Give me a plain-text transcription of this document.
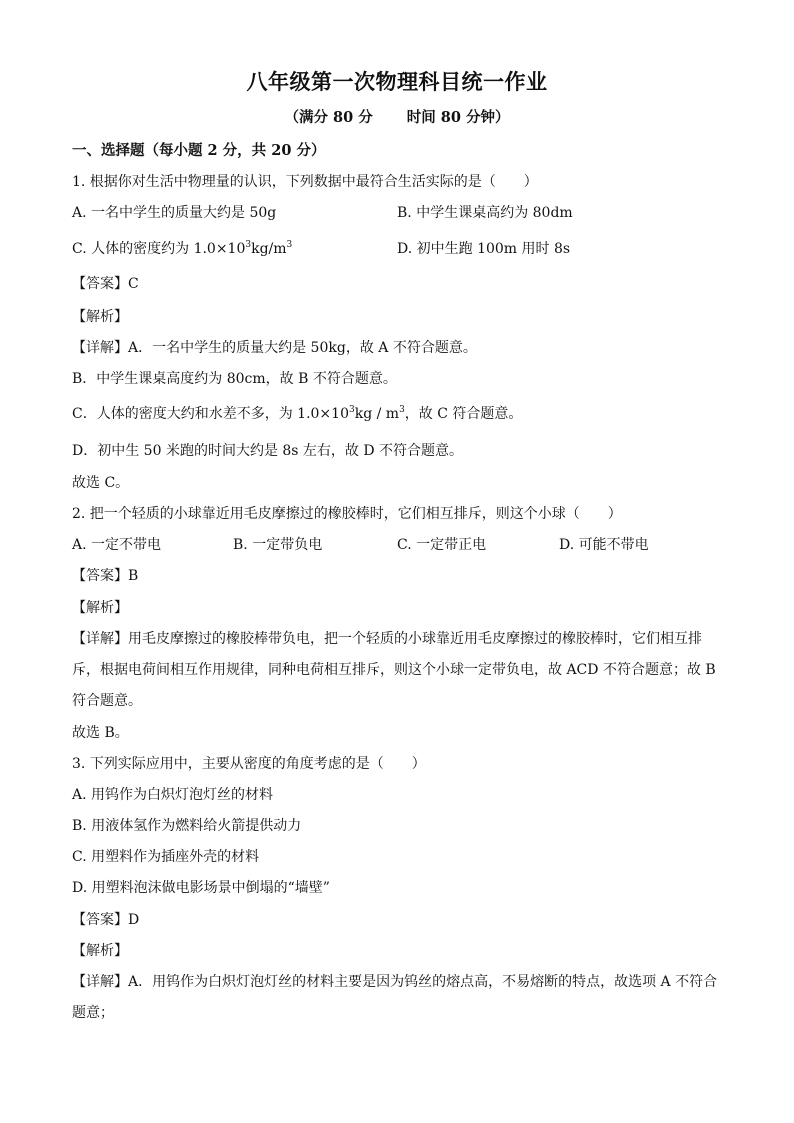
八年级第一次物理科目统一作业
（满分 80 分 时间 80 分钟）
一、选择题（每小题 2 分，共 20 分）
1. 根据你对生活中物理量的认识，下列数据中最符合生活实际的是（　　）
A. 一名中学生的质量大约是 50g	B. 中学生课桌高约为 80dm
C. 人体的密度约为 $1.0\times 10^3kg/m^3$	D. 初中生跑 100m 用时 8s
【答案】C
【解析】
【详解】A．一名中学生的质量大约是 50kg，故 A 不符合题意。
B．中学生课桌高度约为 80cm，故 B 不符合题意。
C．人体的密度大约和水差不多，为 $1.0\times 10^3kg / m^3$，故 C 符合题意。
D．初中生 50 米跑的时间大约是 8s 左右，故 D 不符合题意。
故选 C。
2. 把一个轻质的小球靠近用毛皮摩擦过的橡胶棒时，它们相互排斥，则这个小球（　　）
A. 一定不带电	B. 一定带负电	C. 一定带正电	D. 可能不带电
【答案】B
【解析】
【详解】用毛皮摩擦过的橡胶棒带负电，把一个轻质的小球靠近用毛皮摩擦过的橡胶棒时，它们相互排
斥，根据电荷间相互作用规律，同种电荷相互排斥，则这个小球一定带负电，故 ACD 不符合题意；故 B
符合题意。
故选 B。
3. 下列实际应用中，主要从密度的角度考虑的是（　　）
A. 用钨作为白炽灯泡灯丝的材料
B. 用液体氢作为燃料给火箭提供动力
C. 用塑料作为插座外壳的材料
D. 用塑料泡沫做电影场景中倒塌的“墙壁”
【答案】D
【解析】
【详解】A．用钨作为白炽灯泡灯丝的材料主要是因为钨丝的熔点高，不易熔断的特点，故选项 A 不符合
题意；
